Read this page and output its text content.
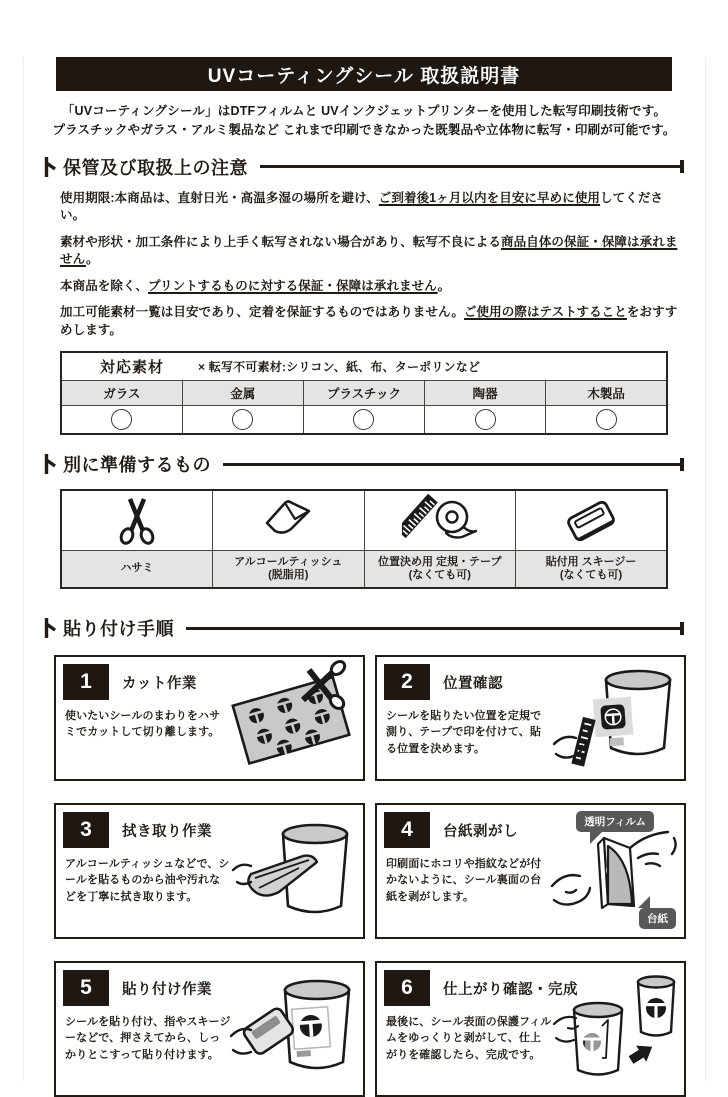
UVコーティングシール 取扱説明書
「UVコーティングシール」はDTFフィルムと UVインクジェットプリンターを使用した転写印刷技術です。
プラスチックやガラス・アルミ製品など これまで印刷できなかった既製品や立体物に転写・印刷が可能です。
保管及び取扱上の注意

使用期限:本商品は、直射日光・高温多湿の場所を避け、ご到着後1ヶ月以内を目安に早めに使用してください。

素材や形状・加工条件により上手く転写されない場合があり、転写不良による商品自体の保証・保障は承れません。

本商品を除く、プリントするものに対する保証・保障は承れません。

加工可能素材一覧は目安であり、定着を保証するものではありません。ご使用の際はテストすることをおすすめします。

対応素材 × 転写不可素材:シリコン、紙、布、ターポリンなど				

ガラス	金属	プラスチック	陶器	木製品

別に準備するもの

ハサミ

アルコールティッシュ
(脱脂用)

位置決め用 定規・テープ
(なくても可)

貼付用 スキージー
(なくても可)
貼り付け手順
1	カット作業
使いたいシールのまわりをハサミでカットして切り離します。
2	位置確認
シールを貼りたい位置を定規で測り、テープで印を付けて、貼る位置を決めます。
3	拭き取り作業
アルコールティッシュなどで、シールを貼るものから油や汚れなどを丁寧に拭き取ります。
4	台紙剥がし
印刷面にホコリや指紋などが付かないように、シール裏面の台紙を剥がします。
透明フィルム
台紙
5	貼り付け作業
シールを貼り付け、指やスキージーなどで、押さえてから、しっかりとこすって貼り付けます。
6	仕上がり確認・完成
最後に、シール表面の保護フィルムをゆっくりと剥がして、仕上がりを確認したら、完成です。
